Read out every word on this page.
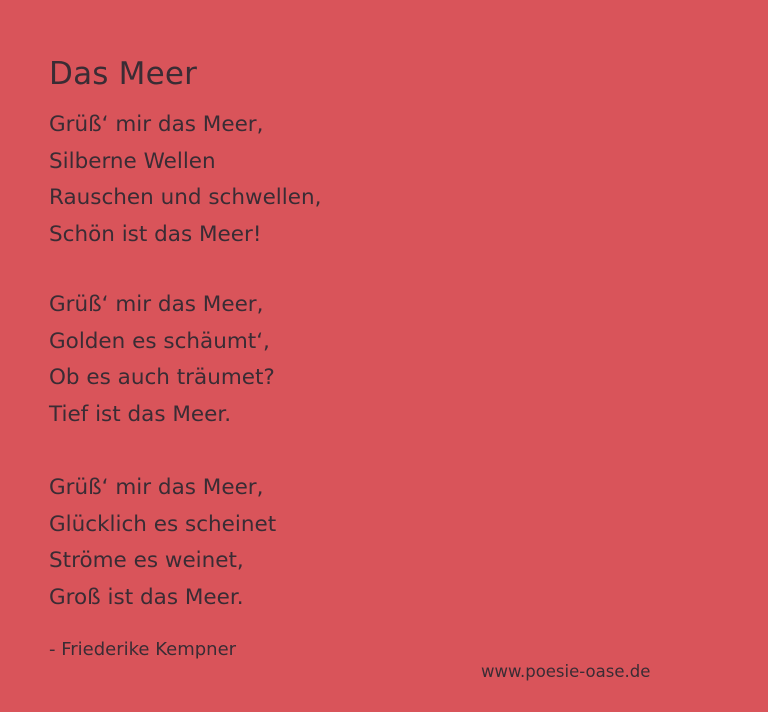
Das Meer
Grüß‘ mir das Meer,
Silberne Wellen
Rauschen und schwellen,
Schön ist das Meer!
Grüß‘ mir das Meer,
Golden es schäumt‘,
Ob es auch träumet?
Tief ist das Meer.
Grüß‘ mir das Meer,
Glücklich es scheinet
Ströme es weinet,
Groß ist das Meer.
- Friederike Kempner
www.poesie-oase.de
